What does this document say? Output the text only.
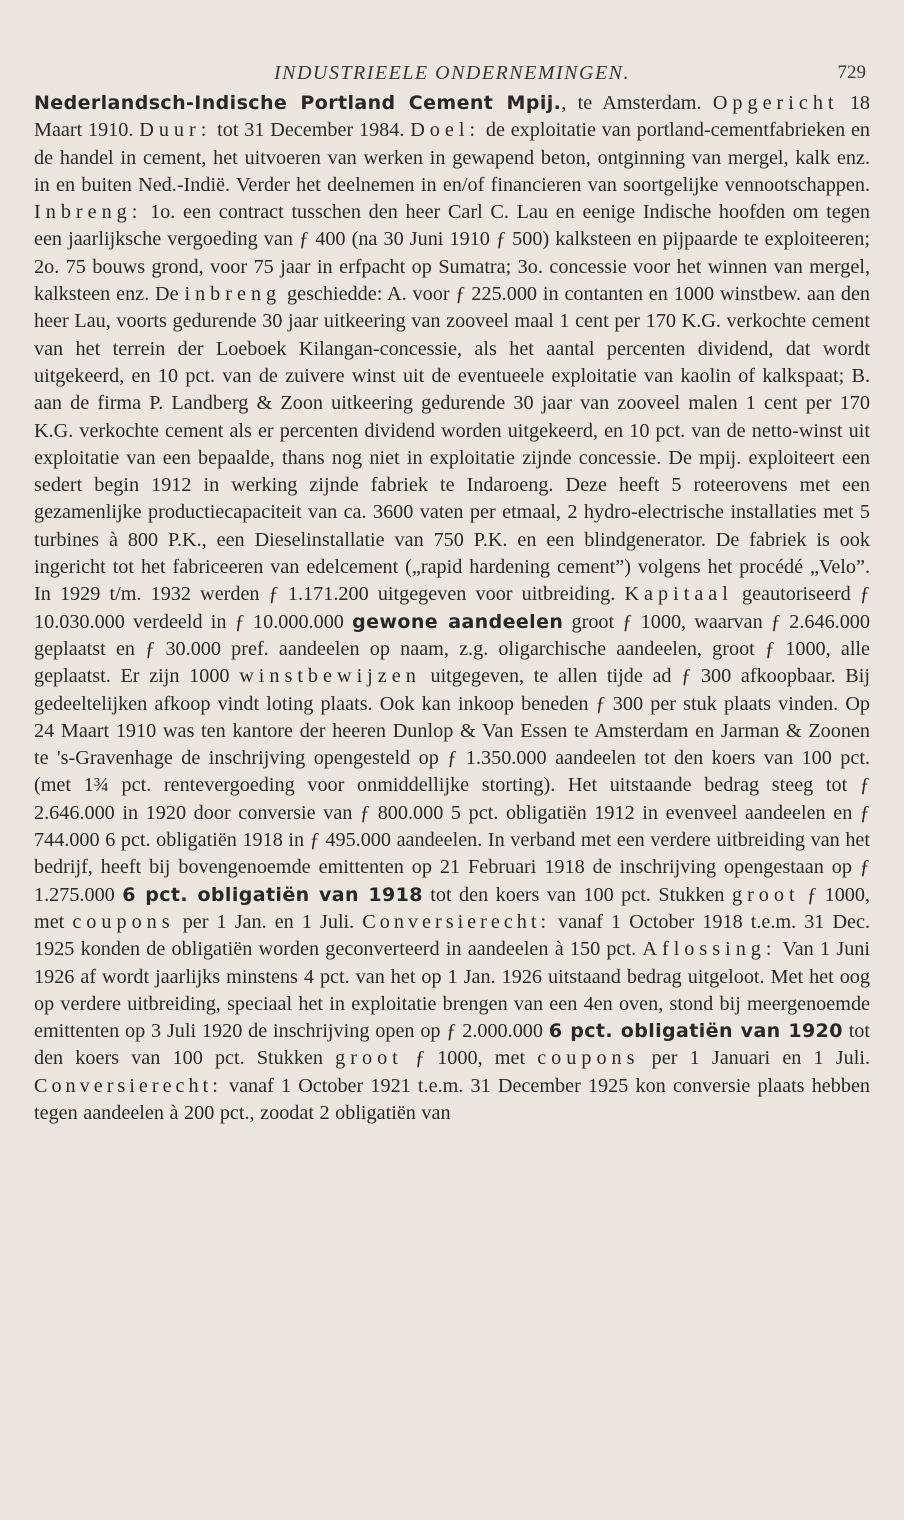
INDUSTRIEELE ONDERNEMINGEN.	729

Nederlandsch-Indische Portland Cement Mpij., te Amsterdam. Opgericht 18 Maart 1910. Duur: tot 31 December 1984. Doel: de exploitatie van portland-cementfabrieken en de handel in cement, het uitvoeren van werken in gewapend beton, ontginning van mergel, kalk enz. in en buiten Ned.-Indië. Verder het deelnemen in en/of financieren van soortgelijke vennootschappen. Inbreng: 1o. een contract tusschen den heer Carl C. Lau en eenige Indische hoofden om tegen een jaarlijksche vergoeding van ƒ 400 (na 30 Juni 1910 ƒ 500) kalksteen en pijpaarde te exploiteeren; 2o. 75 bouws grond, voor 75 jaar in erfpacht op Sumatra; 3o. concessie voor het winnen van mergel, kalksteen enz. De inbreng geschiedde: A. voor ƒ 225.000 in contanten en 1000 winstbew. aan den heer Lau, voorts gedurende 30 jaar uitkeering van zooveel maal 1 cent per 170 K.G. verkochte cement van het terrein der Loeboek Kilangan-concessie, als het aantal percenten dividend, dat wordt uitgekeerd, en 10 pct. van de zuivere winst uit de eventueele exploitatie van kaolin of kalkspaat; B. aan de firma P. Landberg & Zoon uitkeering gedurende 30 jaar van zooveel malen 1 cent per 170 K.G. verkochte cement als er percenten dividend worden uitgekeerd, en 10 pct. van de netto-winst uit exploitatie van een bepaalde, thans nog niet in exploitatie zijnde concessie. De mpij. exploiteert een sedert begin 1912 in werking zijnde fabriek te Indaroeng. Deze heeft 5 roteerovens met een gezamenlijke productiecapaciteit van ca. 3600 vaten per etmaal, 2 hydro-electrische installaties met 5 turbines à 800 P.K., een Dieselinstallatie van 750 P.K. en een blindgenerator. De fabriek is ook ingericht tot het fabriceeren van edelcement („rapid hardening cement”) volgens het procédé „Velo”. In 1929 t/m. 1932 werden ƒ 1.171.200 uitgegeven voor uitbreiding. Kapitaal geautoriseerd ƒ 10.030.000 verdeeld in ƒ 10.000.000 gewone aandeelen groot ƒ 1000, waarvan ƒ 2.646.000 geplaatst en ƒ 30.000 pref. aandeelen op naam, z.g. oligarchische aandeelen, groot ƒ 1000, alle geplaatst. Er zijn 1000 winstbewijzen uitgegeven, te allen tijde ad ƒ 300 afkoopbaar. Bij gedeeltelijken afkoop vindt loting plaats. Ook kan inkoop beneden ƒ 300 per stuk plaats vinden. Op 24 Maart 1910 was ten kantore der heeren Dunlop & Van Essen te Amsterdam en Jarman & Zoonen te 's-Gravenhage de inschrijving opengesteld op ƒ 1.350.000 aandeelen tot den koers van 100 pct. (met 1¾ pct. rentevergoeding voor onmiddellijke storting). Het uitstaande bedrag steeg tot ƒ 2.646.000 in 1920 door conversie van ƒ 800.000 5 pct. obligatiën 1912 in evenveel aandeelen en ƒ 744.000 6 pct. obligatiën 1918 in ƒ 495.000 aandeelen. In verband met een verdere uitbreiding van het bedrijf, heeft bij bovengenoemde emittenten op 21 Februari 1918 de inschrijving opengestaan op ƒ 1.275.000 6 pct. obligatiën van 1918 tot den koers van 100 pct. Stukken groot ƒ 1000, met coupons per 1 Jan. en 1 Juli. Conversierecht: vanaf 1 October 1918 t.e.m. 31 Dec. 1925 konden de obligatiën worden geconverteerd in aandeelen à 150 pct. Aflossing: Van 1 Juni 1926 af wordt jaarlijks minstens 4 pct. van het op 1 Jan. 1926 uitstaand bedrag uitgeloot. Met het oog op verdere uitbreiding, speciaal het in exploitatie brengen van een 4en oven, stond bij meergenoemde emittenten op 3 Juli 1920 de inschrijving open op ƒ 2.000.000 6 pct. obligatiën van 1920 tot den koers van 100 pct. Stukken groot ƒ 1000, met coupons per 1 Januari en 1 Juli. Conversierecht: vanaf 1 October 1921 t.e.m. 31 December 1925 kon conversie plaats hebben tegen aandeelen à 200 pct., zoodat 2 obligatiën van
